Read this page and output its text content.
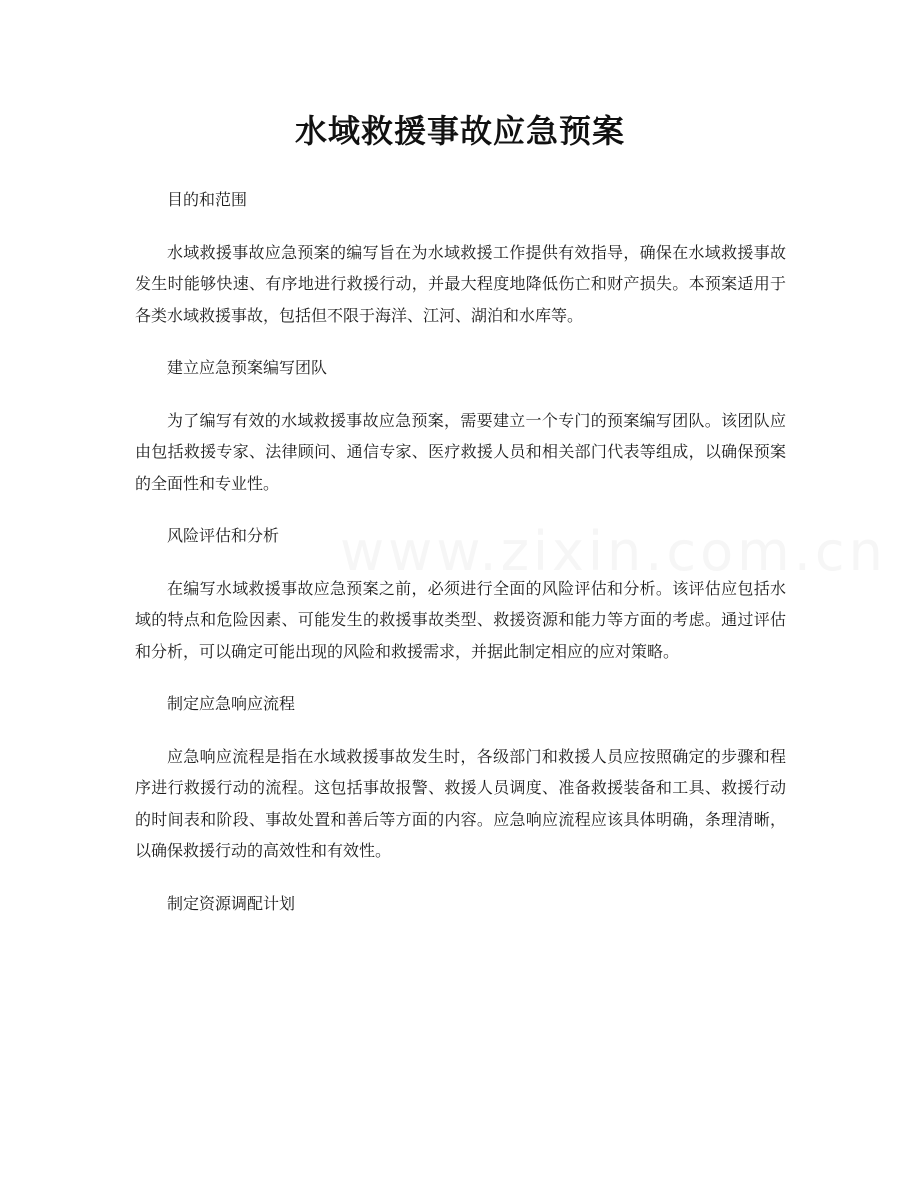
www.zixin.com.cn
水域救援事故应急预案

目的和范围

水域救援事故应急预案的编写旨在为水域救援工作提供有效指导，确保在水域救援事故发生时能够快速、有序地进行救援行动，并最大程度地降低伤亡和财产损失。本预案适用于各类水域救援事故，包括但不限于海洋、江河、湖泊和水库等。

建立应急预案编写团队

为了编写有效的水域救援事故应急预案，需要建立一个专门的预案编写团队。该团队应由包括救援专家、法律顾问、通信专家、医疗救援人员和相关部门代表等组成，以确保预案的全面性和专业性。

风险评估和分析

在编写水域救援事故应急预案之前，必须进行全面的风险评估和分析。该评估应包括水域的特点和危险因素、可能发生的救援事故类型、救援资源和能力等方面的考虑。通过评估和分析，可以确定可能出现的风险和救援需求，并据此制定相应的应对策略。

制定应急响应流程

应急响应流程是指在水域救援事故发生时，各级部门和救援人员应按照确定的步骤和程序进行救援行动的流程。这包括事故报警、救援人员调度、准备救援装备和工具、救援行动的时间表和阶段、事故处置和善后等方面的内容。应急响应流程应该具体明确，条理清晰，以确保救援行动的高效性和有效性。

制定资源调配计划
